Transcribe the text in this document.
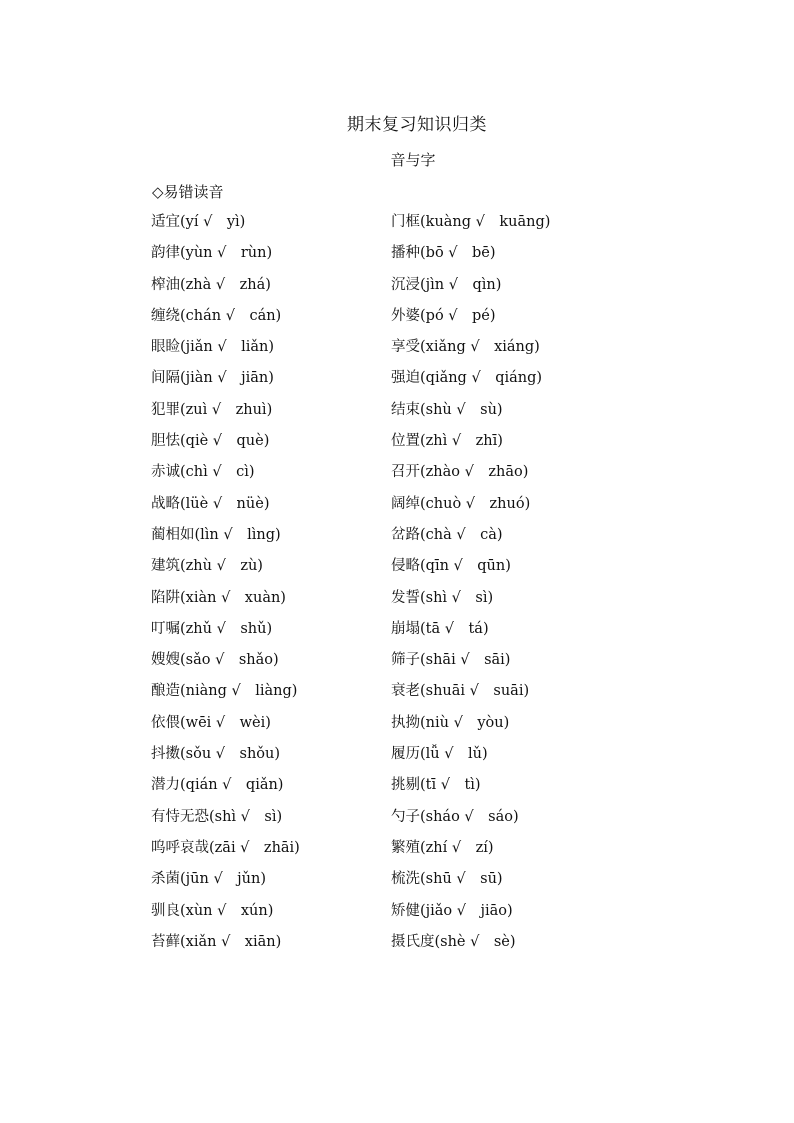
期末复习知识归类
音与字
◇易错读音
适宜(yí √　yì)	门框(kuàng √　kuāng)
韵律(yùn √　rùn)	播种(bō √　bē)
榨油(zhà √　zhá)	沉浸(jìn √　qìn)
缠绕(chán √　cán)	外婆(pó √　pé)
眼睑(jiǎn √　liǎn)	享受(xiǎng √　xiáng)
间隔(jiàn √　jiān)	强迫(qiǎng √　qiáng)
犯罪(zuì √　zhuì)	结束(shù √　sù)
胆怯(qiè √　què)	位置(zhì √　zhī)
赤诚(chì √　cì)	召开(zhào √　zhāo)
战略(lüè √　nüè)	阔绰(chuò √　zhuó)
蔺相如(lìn √　lìng)	岔路(chà √　cà)
建筑(zhù √　zù)	侵略(qīn √　qūn)
陷阱(xiàn √　xuàn)	发誓(shì √　sì)
叮嘱(zhǔ √　shǔ)	崩塌(tā √　tá)
嫂嫂(sǎo √　shǎo)	筛子(shāi √　sāi)
酿造(niàng √　liàng)	衰老(shuāi √　suāi)
依偎(wēi √　wèi)	执拗(niù √　yòu)
抖擞(sǒu √　shǒu)	履历(lǚ √　lǔ)
潜力(qián √　qiǎn)	挑剔(tī √　tì)
有恃无恐(shì √　sì)	勺子(sháo √　sáo)
呜呼哀哉(zāi √　zhāi)	繁殖(zhí √　zí)
杀菌(jūn √　jǔn)	梳洗(shū √　sū)
驯良(xùn √　xún)	矫健(jiǎo √　jiāo)
苔藓(xiǎn √　xiān)	摄氏度(shè √　sè)
